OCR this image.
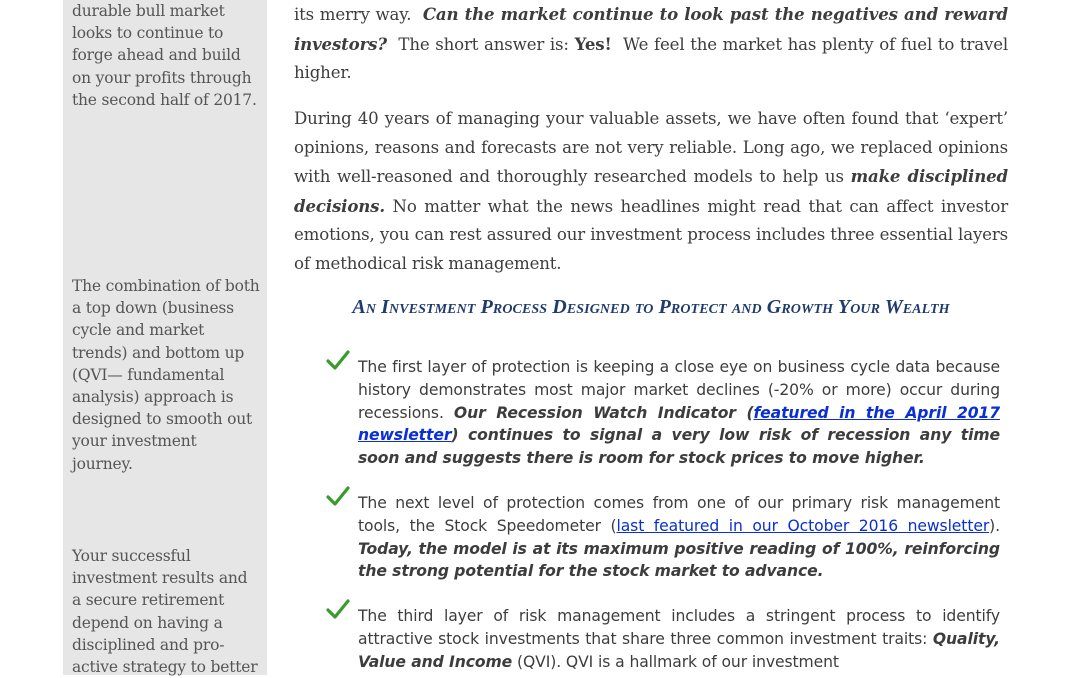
durable bull market looks to continue to forge ahead and build on your profits through the second half of 2017.
The combination of both a top down (business cycle and market trends) and bottom up (QVI— fundamental analysis) approach is designed to smooth out your investment journey.
Your successful investment results and a secure retirement depend on having a disciplined and pro-active strategy to better
its merry way. Can the market continue to look past the negatives and reward investors? The short answer is: Yes! We feel the market has plenty of fuel to travel higher.
During 40 years of managing your valuable assets, we have often found that ‘expert’ opinions, reasons and forecasts are not very reliable. Long ago, we replaced opinions with well-reasoned and thoroughly researched models to help us make disciplined decisions. No matter what the news headlines might read that can affect investor emotions, you can rest assured our investment process includes three essential layers of methodical risk management.
An Investment Process Designed to Protect and Growth Your Wealth
The first layer of protection is keeping a close eye on business cycle data because history demonstrates most major market declines (-20% or more) occur during recessions. Our Recession Watch Indicator (featured in the April 2017 newsletter) continues to signal a very low risk of recession any time soon and suggests there is room for stock prices to move higher.
The next level of protection comes from one of our primary risk management tools, the Stock Speedometer (last featured in our October 2016 newsletter). Today, the model is at its maximum positive reading of 100%, reinforcing the strong potential for the stock market to advance.
The third layer of risk management includes a stringent process to identify attractive stock investments that share three common investment traits: Quality, Value and Income (QVI). QVI is a hallmark of our investment
